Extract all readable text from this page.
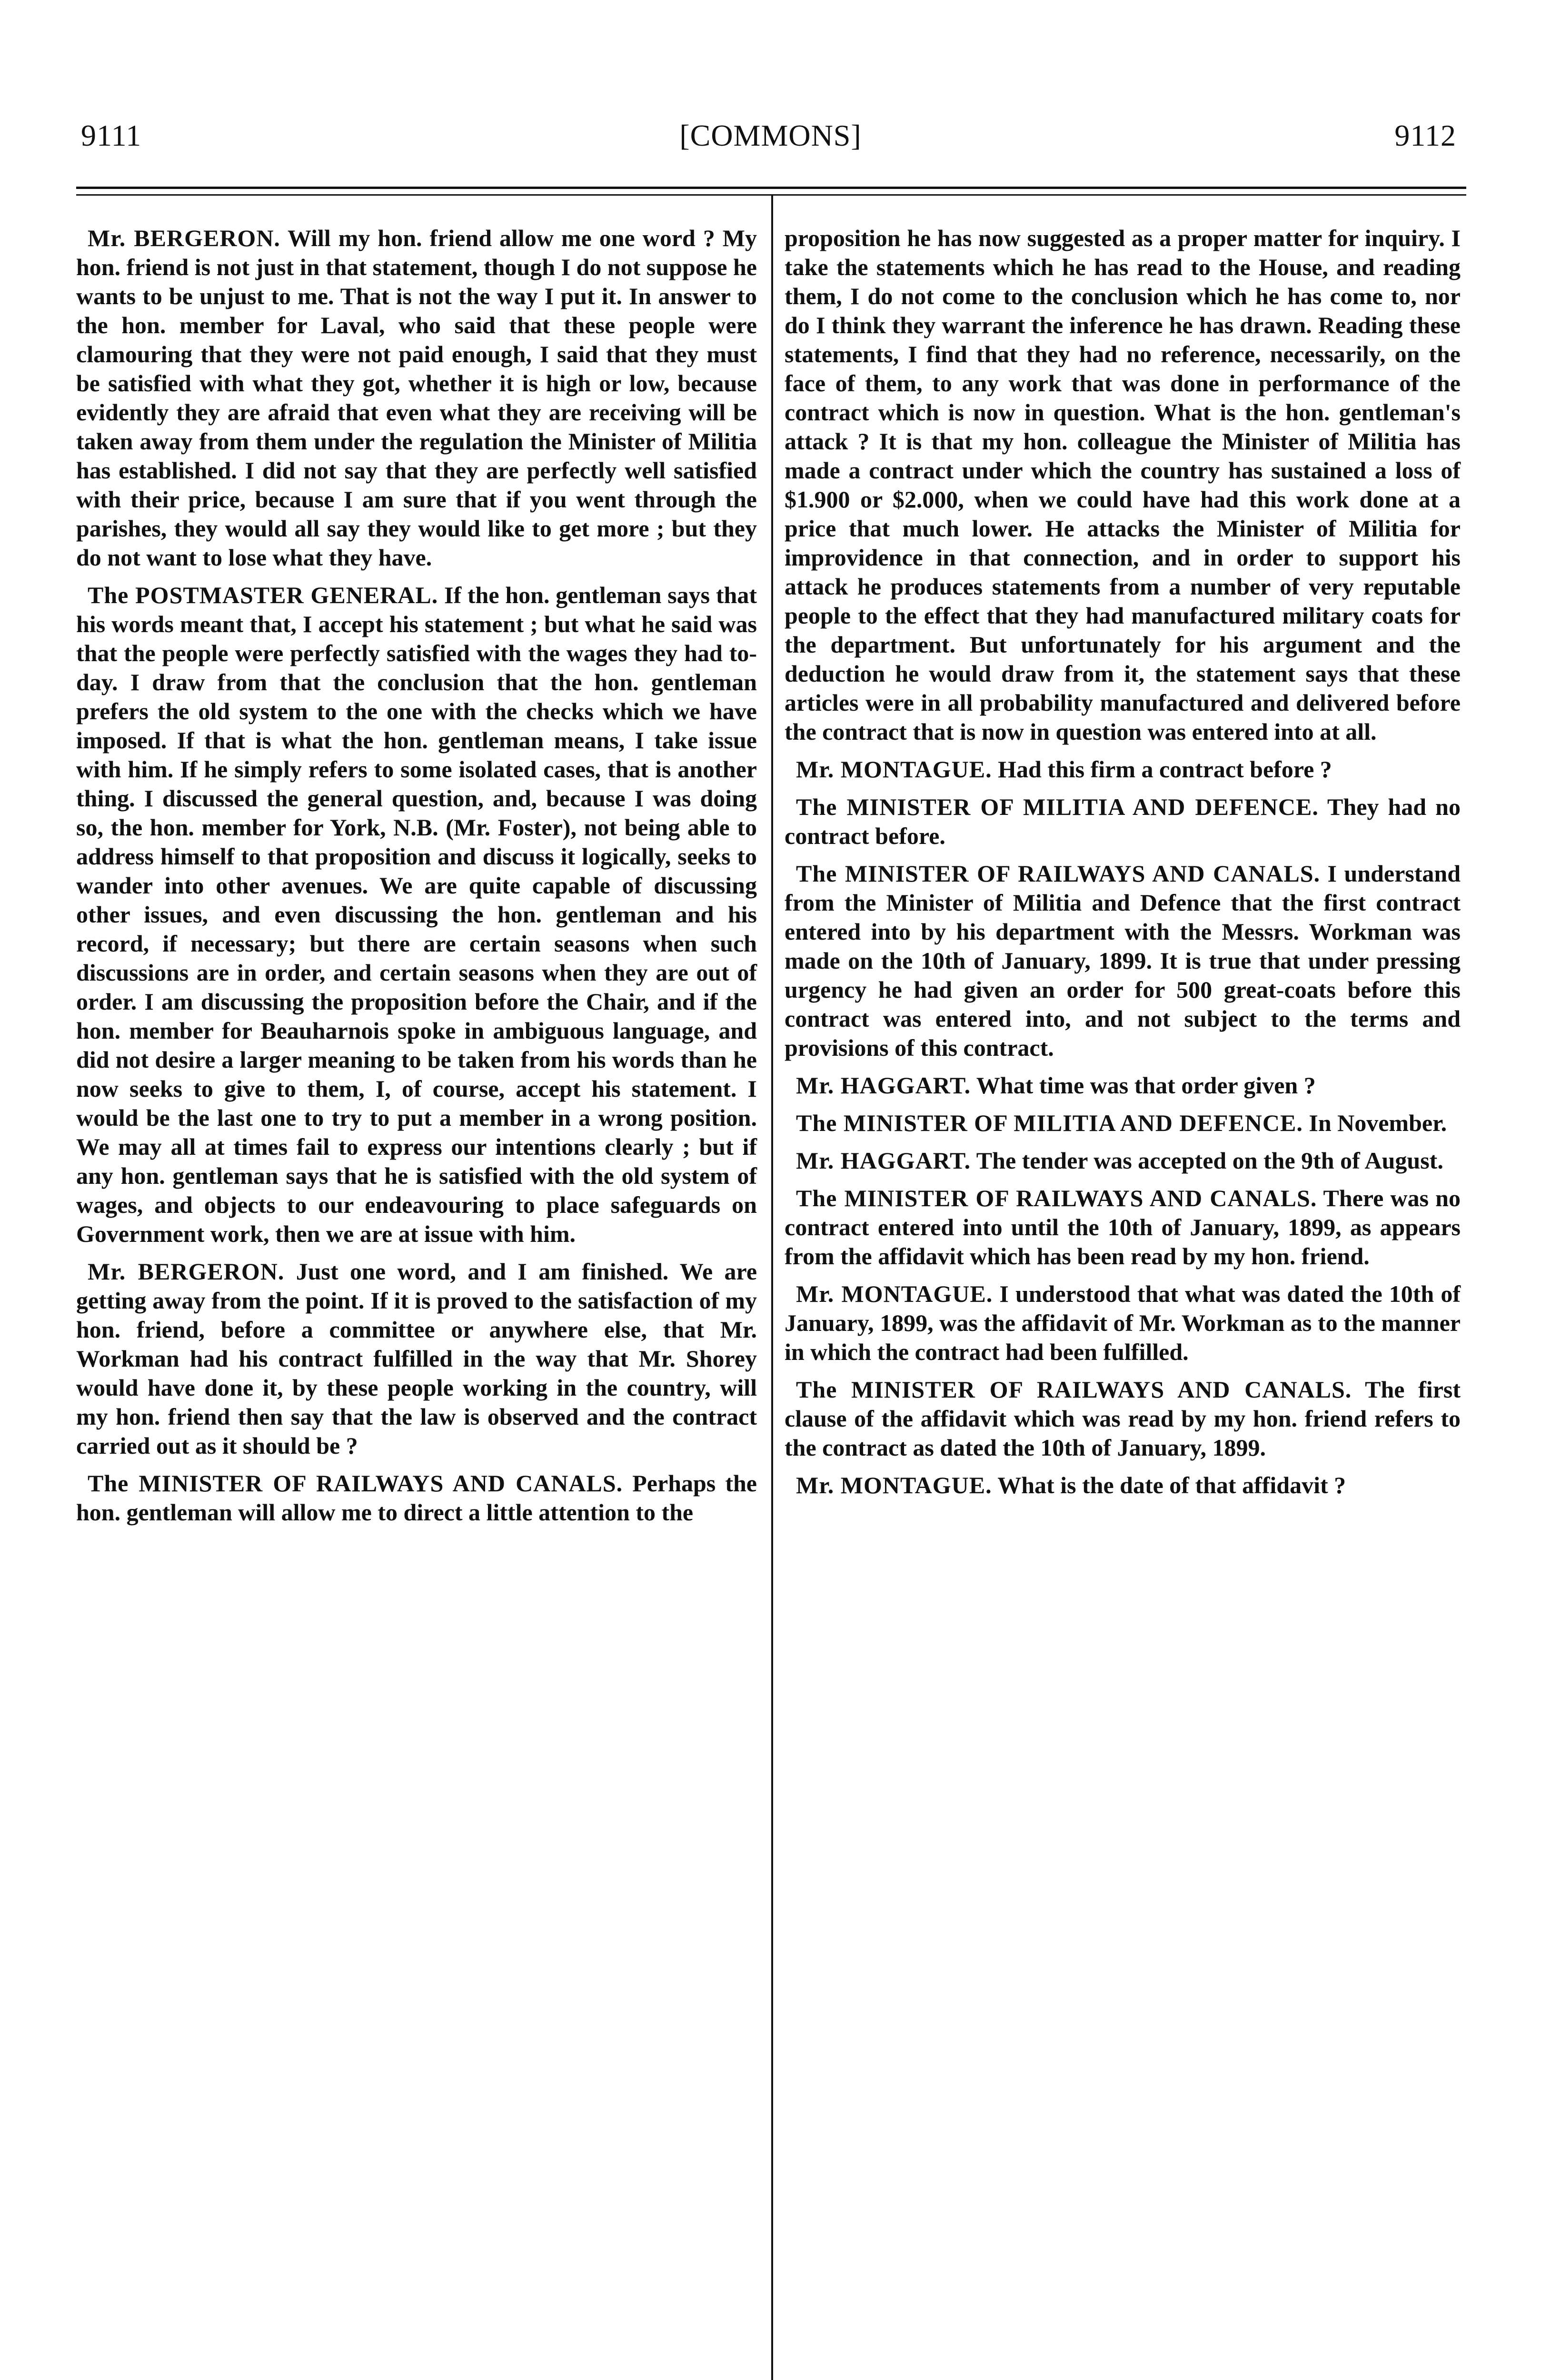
9111	[COMMONS]	9112

Mr. BERGERON. Will my hon. friend allow me one word ? My hon. friend is not just in that statement, though I do not suppose he wants to be unjust to me. That is not the way I put it. In answer to the hon. member for Laval, who said that these people were clamouring that they were not paid enough, I said that they must be satisfied with what they got, whether it is high or low, because evidently they are afraid that even what they are receiving will be taken away from them under the regulation the Minister of Militia has established. I did not say that they are perfectly well satisfied with their price, because I am sure that if you went through the parishes, they would all say they would like to get more ; but they do not want to lose what they have.

The POSTMASTER GENERAL. If the hon. gentleman says that his words meant that, I accept his statement ; but what he said was that the people were perfectly satisfied with the wages they had to-day. I draw from that the conclusion that the hon. gentleman prefers the old system to the one with the checks which we have imposed. If that is what the hon. gentleman means, I take issue with him. If he simply refers to some isolated cases, that is another thing. I discussed the general question, and, because I was doing so, the hon. member for York, N.B. (Mr. Foster), not being able to address himself to that proposition and discuss it logically, seeks to wander into other avenues. We are quite capable of discussing other issues, and even discussing the hon. gentleman and his record, if necessary; but there are certain seasons when such discussions are in order, and certain seasons when they are out of order. I am discussing the proposition before the Chair, and if the hon. member for Beauharnois spoke in ambiguous language, and did not desire a larger meaning to be taken from his words than he now seeks to give to them, I, of course, accept his statement. I would be the last one to try to put a member in a wrong position. We may all at times fail to express our intentions clearly ; but if any hon. gentleman says that he is satisfied with the old system of wages, and objects to our endeavouring to place safeguards on Government work, then we are at issue with him.

Mr. BERGERON. Just one word, and I am finished. We are getting away from the point. If it is proved to the satisfaction of my hon. friend, before a committee or anywhere else, that Mr. Workman had his contract fulfilled in the way that Mr. Shorey would have done it, by these people working in the country, will my hon. friend then say that the law is observed and the contract carried out as it should be ?

The MINISTER OF RAILWAYS AND CANALS. Perhaps the hon. gentleman will allow me to direct a little attention to the

proposition he has now suggested as a proper matter for inquiry. I take the statements which he has read to the House, and reading them, I do not come to the conclusion which he has come to, nor do I think they warrant the inference he has drawn. Reading these statements, I find that they had no reference, necessarily, on the face of them, to any work that was done in performance of the contract which is now in question. What is the hon. gentleman's attack ? It is that my hon. colleague the Minister of Militia has made a contract under which the country has sustained a loss of $1.900 or $2.000, when we could have had this work done at a price that much lower. He attacks the Minister of Militia for improvidence in that connection, and in order to support his attack he produces statements from a number of very reputable people to the effect that they had manufactured military coats for the department. But unfortunately for his argument and the deduction he would draw from it, the statement says that these articles were in all probability manufactured and delivered before the contract that is now in question was entered into at all.

Mr. MONTAGUE. Had this firm a contract before ?

The MINISTER OF MILITIA AND DEFENCE. They had no contract before.

The MINISTER OF RAILWAYS AND CANALS. I understand from the Minister of Militia and Defence that the first contract entered into by his department with the Messrs. Workman was made on the 10th of January, 1899. It is true that under pressing urgency he had given an order for 500 great-coats before this contract was entered into, and not subject to the terms and provisions of this contract.

Mr. HAGGART. What time was that order given ?

The MINISTER OF MILITIA AND DEFENCE. In November.

Mr. HAGGART. The tender was accepted on the 9th of August.

The MINISTER OF RAILWAYS AND CANALS. There was no contract entered into until the 10th of January, 1899, as appears from the affidavit which has been read by my hon. friend.

Mr. MONTAGUE. I understood that what was dated the 10th of January, 1899, was the affidavit of Mr. Workman as to the manner in which the contract had been fulfilled.

The MINISTER OF RAILWAYS AND CANALS. The first clause of the affidavit which was read by my hon. friend refers to the contract as dated the 10th of January, 1899.

Mr. MONTAGUE. What is the date of that affidavit ?
